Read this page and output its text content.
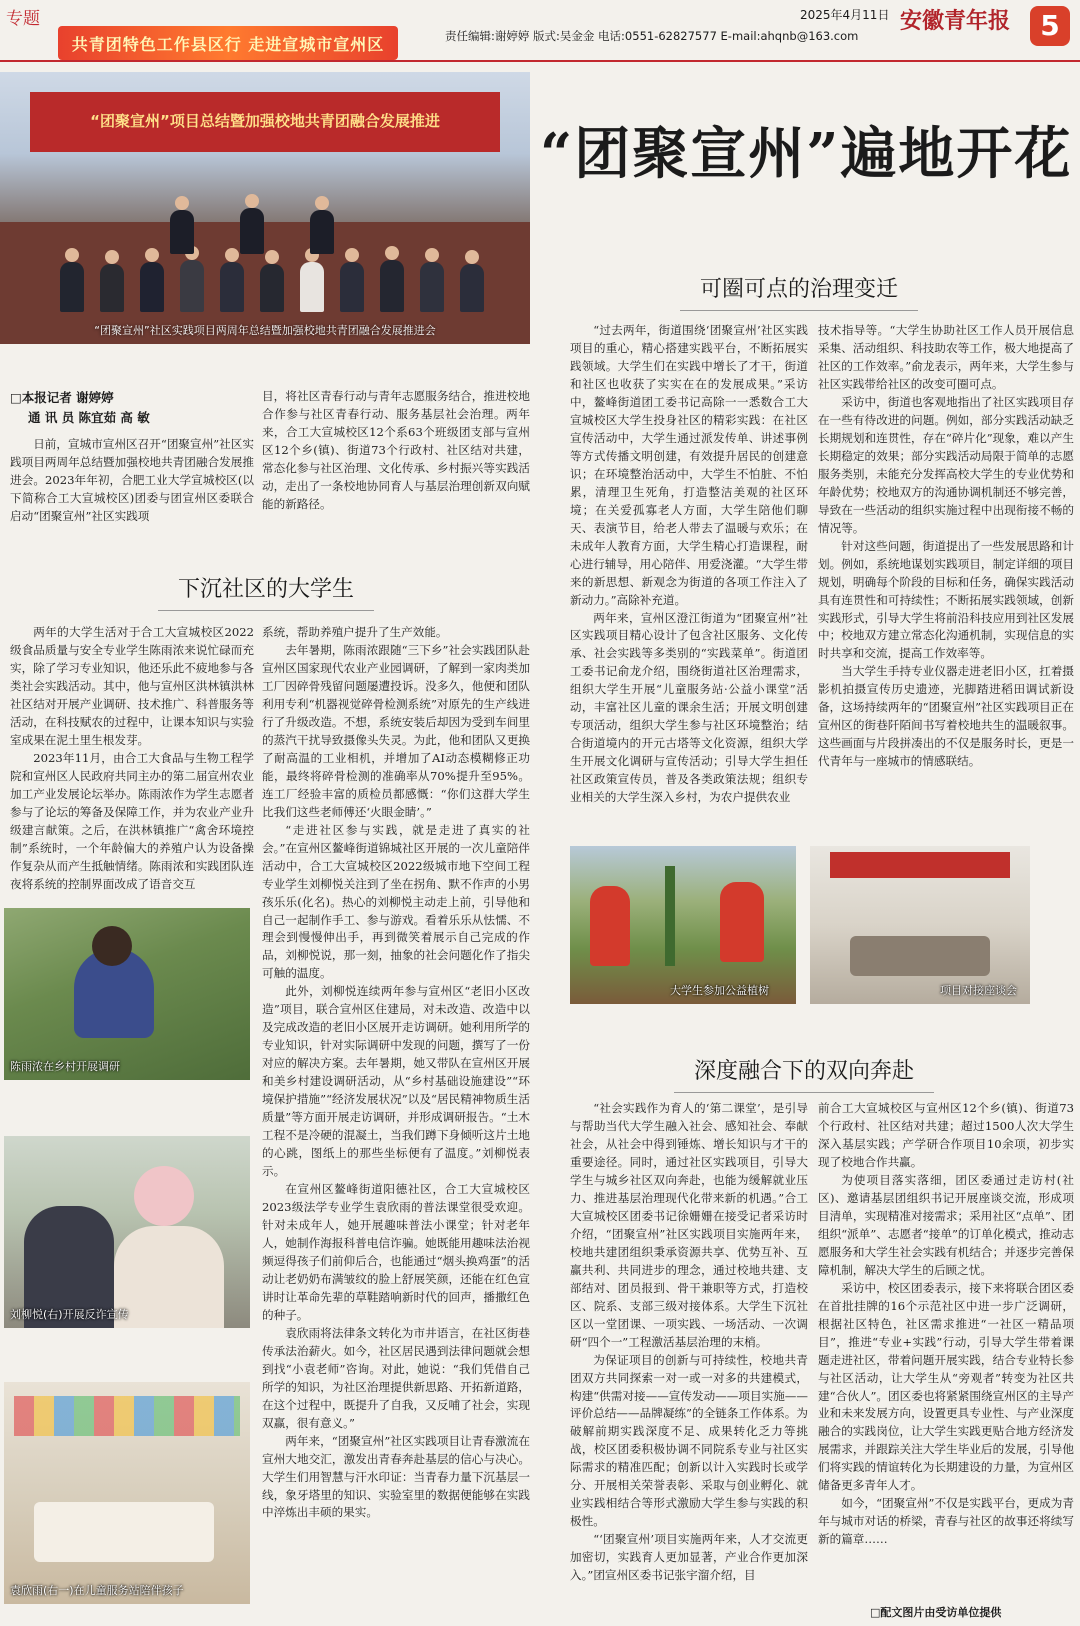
专题
共青团特色工作县区行 走进宣城市宣州区
2025年4月11日
责任编辑:谢婷婷 版式:吴金金 电话:0551-62827577 E-mail:ahqnb@163.com
安徽青年报	5
“团聚宣州”项目总结暨加强校地共青团融合发展推进
“团聚宣州”社区实践项目两周年总结暨加强校地共青团融合发展推进会
“团聚宣州”遍地开花
□本报记者 谢婷婷
通 讯 员 陈宜茹 高 敏

日前，宣城市宣州区召开“团聚宣州”社区实践项目两周年总结暨加强校地共青团融合发展推进会。2023年年初，合肥工业大学宣城校区(以下简称合工大宣城校区)团委与团宣州区委联合启动“团聚宣州”社区实践项

目，将社区青春行动与青年志愿服务结合，推进校地合作参与社区青春行动、服务基层社会治理。两年来，合工大宣城校区12个系63个班级团支部与宣州区12个乡(镇)、街道73个行政村、社区结对共建，常态化参与社区治理、文化传承、乡村振兴等实践活动，走出了一条校地协同育人与基层治理创新双向赋能的新路径。

下沉社区的大学生

两年的大学生活对于合工大宣城校区2022级食品质量与安全专业学生陈雨浓来说忙碌而充实，除了学习专业知识，他还乐此不疲地参与各类社会实践活动。其中，他与宣州区洪林镇洪林社区结对开展产业调研、技术推广、科普服务等活动，在科技赋农的过程中，让课本知识与实验室成果在泥土里生根发芽。

2023年11月，由合工大食品与生物工程学院和宣州区人民政府共同主办的第二届宣州农业加工产业发展论坛举办。陈雨浓作为学生志愿者参与了论坛的筹备及保障工作，并为农业产业升级建言献策。之后，在洪林镇推广“禽舍环境控制”系统时，一个年龄偏大的养殖户认为设备操作复杂从而产生抵触情绪。陈雨浓和实践团队连夜将系统的控制界面改成了语音交互

系统，帮助养殖户提升了生产效能。

去年暑期，陈雨浓跟随“三下乡”社会实践团队赴宣州区国家现代农业产业园调研，了解到一家肉类加工厂因碎骨残留问题屡遭投诉。没多久，他便和团队利用专利“机器视觉碎骨检测系统”对原先的生产线进行了升级改造。不想，系统安装后却因为受到车间里的蒸汽干扰导致摄像头失灵。为此，他和团队又更换了耐高温的工业相机，并增加了AI动态模糊修正功能，最终将碎骨检测的准确率从70%提升至95%。连工厂经验丰富的质检员都感慨：“你们这群大学生比我们这些老师傅还‘火眼金睛’。”

“走进社区参与实践，就是走进了真实的社会。”在宣州区鳌峰街道锦城社区开展的一次儿童陪伴活动中，合工大宣城校区2022级城市地下空间工程专业学生刘柳悦关注到了坐在拐角、默不作声的小男孩乐乐(化名)。热心的刘柳悦主动走上前，引导他和自己一起制作手工、参与游戏。看着乐乐从怯懦、不理会到慢慢伸出手，再到微笑着展示自己完成的作品，刘柳悦说，那一刻，抽象的社会问题化作了指尖可触的温度。

此外，刘柳悦连续两年参与宣州区“老旧小区改造”项目，联合宣州区住建局，对未改造、改造中以及完成改造的老旧小区展开走访调研。她利用所学的专业知识，针对实际调研中发现的问题，撰写了一份对应的解决方案。去年暑期，她又带队在宣州区开展和美乡村建设调研活动，从“乡村基础设施建设”“环境保护措施”“经济发展状况”以及“居民精神物质生活质量”等方面开展走访调研，并形成调研报告。“土木工程不是冷硬的混凝土，当我们蹲下身倾听这片土地的心跳，图纸上的那些坐标便有了温度。”刘柳悦表示。

在宣州区鳌峰街道阳德社区，合工大宣城校区2023级法学专业学生袁欣雨的普法课堂很受欢迎。针对未成年人，她开展趣味普法小课堂；针对老年人，她制作海报科普电信诈骗。她既能用趣味法治视频逗得孩子们前仰后合，也能通过“烟头换鸡蛋”的活动让老奶奶布满皱纹的脸上舒展笑颜，还能在红色宣讲时让革命先辈的草鞋踏响新时代的回声，播撒红色的种子。

袁欣雨将法律条文转化为市井语言，在社区街巷传承法治薪火。如今，社区居民遇到法律问题就会想到找“小袁老师”咨询。对此，她说：“我们凭借自己所学的知识，为社区治理提供新思路、开拓新道路，在这个过程中，既提升了自我，又反哺了社会，实现双赢，很有意义。”

两年来，“团聚宣州”社区实践项目让青春激流在宣州大地交汇，激发出青春奔赴基层的信心与决心。大学生们用智慧与汗水印证：当青春力量下沉基层一线，象牙塔里的知识、实验室里的数据便能够在实践中淬炼出丰硕的果实。

陈雨浓在乡村开展调研
刘柳悦(右)开展反诈宣传
袁欣雨(右一)在儿童服务站陪伴孩子
可圈可点的治理变迁

“过去两年，街道围绕‘团聚宣州’社区实践项目的重心，精心搭建实践平台，不断拓展实践领域。大学生们在实践中增长了才干，街道和社区也收获了实实在在的发展成果。”采访中，鳌峰街道团工委书记高除一一悉数合工大宣城校区大学生投身社区的精彩实践：在社区宣传活动中，大学生通过派发传单、讲述事例等方式传播文明创建，有效提升居民的创建意识；在环境整治活动中，大学生不怕脏、不怕累，清理卫生死角，打造整洁美观的社区环境；在关爱孤寡老人方面，大学生陪他们聊天、表演节目，给老人带去了温暖与欢乐；在未成年人教育方面，大学生精心打造课程，耐心进行辅导，用心陪伴、用爱浇灌。“大学生带来的新思想、新观念为街道的各项工作注入了新动力。”高除补充道。

两年来，宣州区澄江街道为“团聚宣州”社区实践项目精心设计了包含社区服务、文化传承、社会实践等多类别的“实践菜单”。街道团工委书记俞龙介绍，围绕街道社区治理需求，组织大学生开展“儿童服务站·公益小课堂”活动，丰富社区儿童的课余生活；开展文明创建专项活动，组织大学生参与社区环境整治；结合街道境内的开元古塔等文化资源，组织大学生开展文化调研与宣传活动；引导大学生担任社区政策宣传员，普及各类政策法规；组织专业相关的大学生深入乡村，为农户提供农业

技术指导等。“大学生协助社区工作人员开展信息采集、活动组织、科技助农等工作，极大地提高了社区的工作效率。”俞龙表示，两年来，大学生参与社区实践带给社区的改变可圈可点。

采访中，街道也客观地指出了社区实践项目存在一些有待改进的问题。例如，部分实践活动缺乏长期规划和连贯性，存在“碎片化”现象，难以产生长期稳定的效果；部分实践活动局限于简单的志愿服务类别，未能充分发挥高校大学生的专业优势和年龄优势；校地双方的沟通协调机制还不够完善，导致在一些活动的组织实施过程中出现衔接不畅的情况等。

针对这些问题，街道提出了一些发展思路和计划。例如，系统地谋划实践项目，制定详细的项目规划，明确每个阶段的目标和任务，确保实践活动具有连贯性和可持续性；不断拓展实践领域，创新实践形式，引导大学生将前沿科技应用到社区发展中；校地双方建立常态化沟通机制，实现信息的实时共享和交流，提高工作效率等。

当大学生手持专业仪器走进老旧小区，扛着摄影机拍摄宣传历史遗迹，光脚踏进稻田调试新设备，这场持续两年的“团聚宣州”社区实践项目正在宣州区的街巷阡陌间书写着校地共生的温暖叙事。这些画面与片段拼凑出的不仅是服务时长，更是一代青年与一座城市的情感联结。

大学生参加公益植树	项目对接座谈会
深度融合下的双向奔赴

“社会实践作为育人的‘第二课堂’，是引导与帮助当代大学生融入社会、感知社会、奉献社会，从社会中得到锤炼、增长知识与才干的重要途径。同时，通过社区实践项目，引导大学生与城乡社区双向奔赴，也能为缓解就业压力、推进基层治理现代化带来新的机遇。”合工大宣城校区团委书记徐姗姗在接受记者采访时介绍，“团聚宣州”社区实践项目实施两年来，校地共建团组织秉承资源共享、优势互补、互赢共利、共同进步的理念，通过校地共建、支部结对、团员报到、骨干兼职等方式，打造校区、院系、支部三级对接体系。大学生下沉社区以一堂团课、一项实践、一场活动、一次调研“四个一”工程激活基层治理的末梢。

为保证项目的创新与可持续性，校地共青团双方共同探索一对一或一对多的共建模式，构建“供需对接——宣传发动——项目实施——评价总结——品牌凝练”的全链条工作体系。为破解前期实践深度不足、成果转化乏力等挑战，校区团委积极协调不同院系专业与社区实际需求的精准匹配；创新以计入实践时长或学分、开展相关荣誉表彰、采取与创业孵化、就业实践相结合等形式激励大学生参与实践的积极性。

“‘团聚宣州’项目实施两年来，人才交流更加密切，实践育人更加显著，产业合作更加深入。”团宣州区委书记张宇溜介绍，目

前合工大宣城校区与宣州区12个乡(镇)、街道73个行政村、社区结对共建；超过1500人次大学生深入基层实践；产学研合作项目10余项，初步实现了校地合作共赢。

为使项目落实落细，团区委通过走访村(社区)、邀请基层团组织书记开展座谈交流，形成项目清单，实现精准对接需求；采用社区“点单”、团组织“派单”、志愿者“接单”的订单化模式，推动志愿服务和大学生社会实践有机结合；并逐步完善保障机制，解决大学生的后顾之忧。

采访中，校区团委表示，接下来将联合团区委在首批挂牌的16个示范社区中进一步广泛调研，根据社区特色，社区需求推进“一社区一精品项目”，推进“专业+实践”行动，引导大学生带着课题走进社区，带着问题开展实践，结合专业特长参与社区活动，让大学生从“旁观者”转变为社区共建“合伙人”。团区委也将紧紧围绕宣州区的主导产业和未来发展方向，设置更具专业性、与产业深度融合的实践岗位，让大学生实践更贴合地方经济发展需求，并跟踪关注大学生毕业后的发展，引导他们将实践的情谊转化为长期建设的力量，为宣州区储备更多青年人才。

如今，“团聚宣州”不仅是实践平台，更成为青年与城市对话的桥梁，青春与社区的故事还将续写新的篇章……

□配文图片由受访单位提供
